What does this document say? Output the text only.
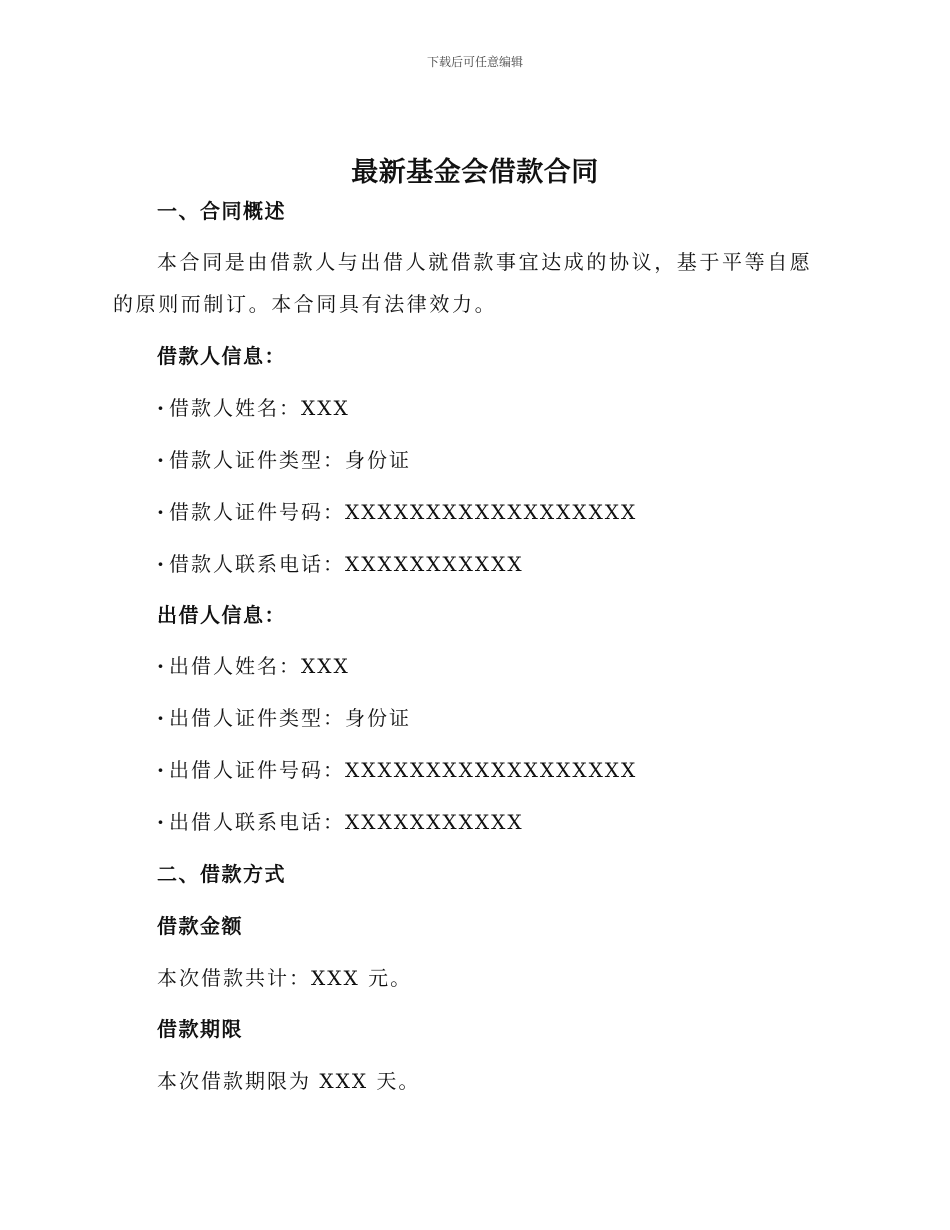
下载后可任意编辑
最新基金会借款合同
一、合同概述
本合同是由借款人与出借人就借款事宜达成的协议，基于平等自愿的原则而制订。本合同具有法律效力。
借款人信息：
· 借款人姓名：XXX
· 借款人证件类型：身份证
· 借款人证件号码：XXXXXXXXXXXXXXXXXX
· 借款人联系电话：XXXXXXXXXXX
出借人信息：
· 出借人姓名：XXX
· 出借人证件类型：身份证
· 出借人证件号码：XXXXXXXXXXXXXXXXXX
· 出借人联系电话：XXXXXXXXXXX
二、借款方式
借款金额
本次借款共计：XXX 元。
借款期限
本次借款期限为 XXX 天。
